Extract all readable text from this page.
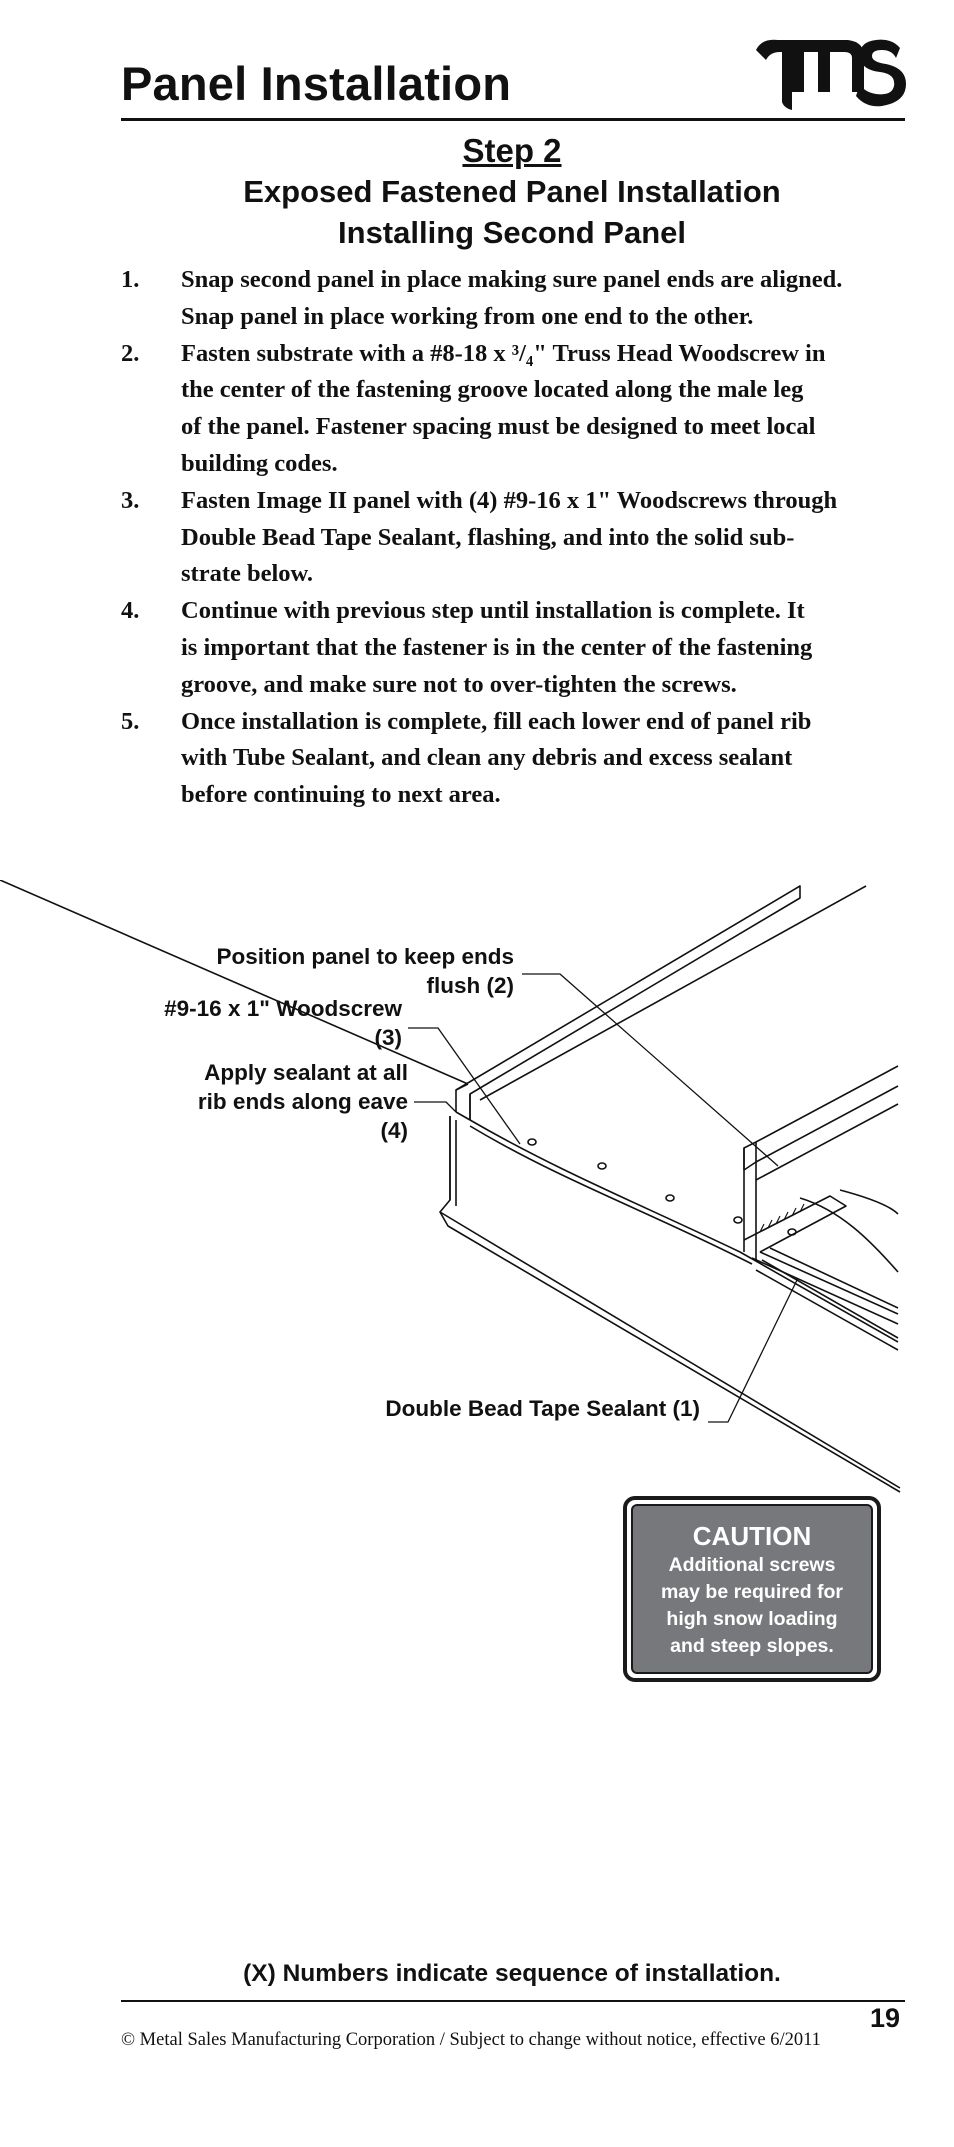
Panel Installation
Step 2
Exposed Fastened Panel Installation
Installing Second Panel
1. Snap second panel in place making sure panel ends are aligned.
Snap panel in place working from one end to the other.
2. Fasten substrate with a #8-18 x ³/₄" Truss Head Woodscrew in
the center of the fastening groove located along the male leg
of the panel. Fastener spacing must be designed to meet local
building codes.
3. Fasten Image II panel with (4) #9-16 x 1" Woodscrews through
Double Bead Tape Sealant, flashing, and into the solid sub-
strate below.
4. Continue with previous step until installation is complete. It
is important that the fastener is in the center of the fastening
groove, and make sure not to over-tighten the screws.
5. Once installation is complete, fill each lower end of panel rib
with Tube Sealant, and clean any debris and excess sealant
before continuing to next area.
Position panel to keep ends
flush (2)
#9-16 x 1" Woodscrew
(3)
Apply sealant at all
rib ends along eave
(4)
Double Bead Tape Sealant (1)
CAUTION
Additional screws
may be required for
high snow loading
and steep slopes.
(X) Numbers indicate sequence of installation.
19
© Metal Sales Manufacturing Corporation / Subject to change without notice, effective 6/2011
